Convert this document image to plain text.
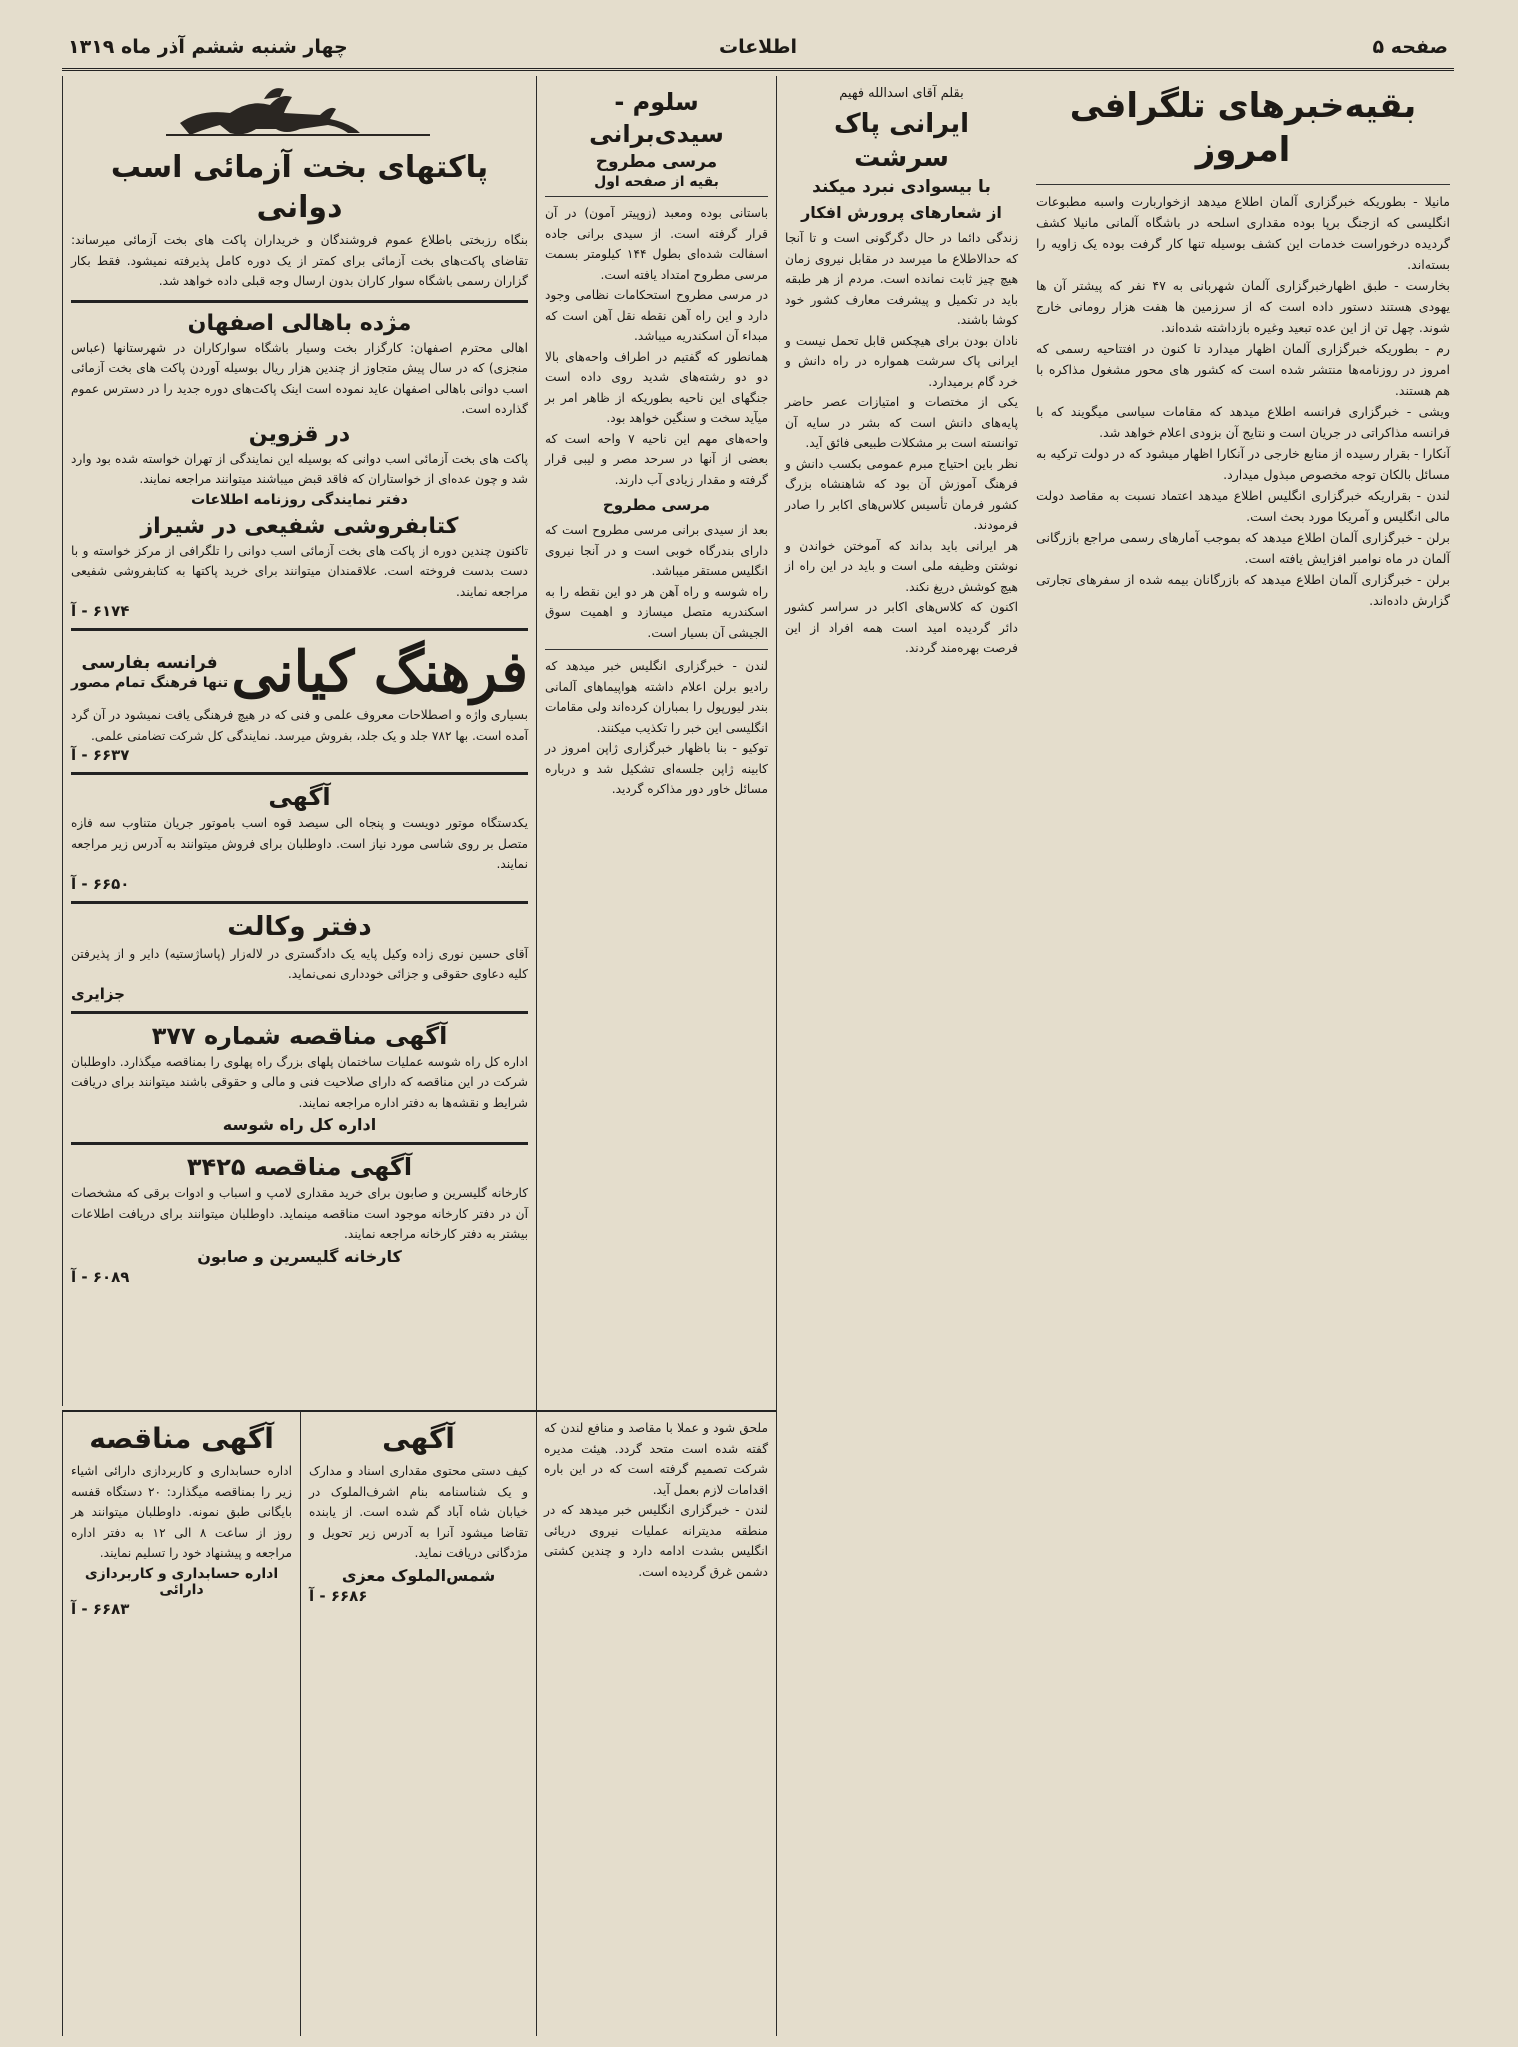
صفحه ۵
اطلاعات
چهار شنبه ششم آذر ماه ۱۳۱۹
بقیه‌خبرهای تلگرافی امروز

مانیلا - بطوریکه خبرگزاری آلمان اطلاع میدهد ازخواربارت واسبه مطبوعات انگلیسی که ازجنگ برپا بوده مقداری اسلحه در باشگاه آلمانی مانیلا کشف گردیده درخوراست خدمات این کشف بوسیله تنها کار گرفت بوده یک زاویه را بسته‌اند.

بخارست - طبق اظهارخبرگزاری آلمان شهربانی به ۴۷ نفر که پیشتر آن ها یهودی هستند دستور داده است که از سرزمین ها هفت هزار رومانی خارج شوند. چهل تن از این عده تبعید وغیره بازداشته شده‌اند.

رم - بطوریکه خبرگزاری آلمان اظهار میدارد تا کنون در افتتاحیه رسمی که امروز در روزنامه‌ها منتشر شده است که کشور های محور مشغول مذاکره با هم هستند.

ویشی - خبرگزاری فرانسه اطلاع میدهد که مقامات سیاسی میگویند که با فرانسه مذاکراتی در جریان است و نتایج آن بزودی اعلام خواهد شد.

آنکارا - بقرار رسیده از منابع خارجی در آنکارا اظهار میشود که در دولت ترکیه به مسائل بالکان توجه مخصوص مبذول میدارد.

لندن - بقراریکه خبرگزاری انگلیس اطلاع میدهد اعتماد نسبت به مقاصد دولت مالی انگلیس و آمریکا مورد بحث است.

برلن - خبرگزاری آلمان اطلاع میدهد که بموجب آمارهای رسمی مراجع بازرگانی آلمان در ماه نوامبر افزایش یافته است.

برلن - خبرگزاری آلمان اطلاع میدهد که بازرگانان بیمه شده از سفرهای تجارتی گزارش داده‌اند.

بقلم آقای اسدالله فهیم
ایرانی پاک سرشت
با بیسوادی نبرد میکند
از شعارهای پرورش افکار

زندگی دائما در حال دگرگونی است و تا آنجا که حدالاطلاع ما میرسد در مقابل نیروی زمان هیچ چیز ثابت نمانده است. مردم از هر طبقه باید در تکمیل و پیشرفت معارف کشور خود کوشا باشند.

نادان بودن برای هیچکس قابل تحمل نیست و ایرانی پاک سرشت همواره در راه دانش و خرد گام برمیدارد.

یکی از مختصات و امتیازات عصر حاضر پایه‌های دانش است که بشر در سایه آن توانسته است بر مشکلات طبیعی فائق آید.

نظر باین احتیاج مبرم عمومی بکسب دانش و فرهنگ آموزش آن بود که شاهنشاه بزرگ کشور فرمان تأسیس کلاس‌های اکابر را صادر فرمودند.

هر ایرانی باید بداند که آموختن خواندن و نوشتن وظیفه ملی است و باید در این راه از هیچ کوشش دریغ نکند.

اکنون که کلاس‌های اکابر در سراسر کشور دائر گردیده امید است همه افراد از این فرصت بهره‌مند گردند.

سلوم - سیدی‌برانی
مرسی مطروح
بقیه از صفحه اول

باستانی بوده ومعبد (زوپیتر آمون) در آن قرار گرفته است. از سیدی برانی جاده اسفالت شده‌ای بطول ۱۴۴ کیلومتر بسمت مرسی مطروح امتداد یافته است.

در مرسی مطروح استحکامات نظامی وجود دارد و این راه آهن نقطه نقل آهن است که مبداء آن اسکندریه میباشد.

همانطور که گفتیم در اطراف واحه‌های بالا دو دو رشته‌های شدید روی داده است جنگهای این ناحیه بطوریکه از ظاهر امر بر میآید سخت و سنگین خواهد بود.

واحه‌های مهم این ناحیه ۷ واحه است که بعضی از آنها در سرحد مصر و لیبی قرار گرفته و مقدار زیادی آب دارند.

مرسی مطروح

بعد از سیدی برانی مرسی مطروح است که دارای بندرگاه خوبی است و در آنجا نیروی انگلیس مستقر میباشد.

راه شوسه و راه آهن هر دو این نقطه را به اسکندریه متصل میسازد و اهمیت سوق الجیشی آن بسیار است.

لندن - خبرگزاری انگلیس خبر میدهد که رادیو برلن اعلام داشته هواپیماهای آلمانی بندر لیورپول را بمباران کرده‌اند ولی مقامات انگلیسی این خبر را تکذیب میکنند.

توکیو - بنا باظهار خبرگزاری ژاپن امروز در کابینه ژاپن جلسه‌ای تشکیل شد و درباره مسائل خاور دور مذاکره گردید.

پاکتهای بخت آزمائی اسب دوانی

بنگاه رزبختی باطلاع عموم فروشندگان و خریداران پاکت های بخت آزمائی میرساند: تقاضای پاکت‌های بخت آزمائی برای کمتر از یک دوره کامل پذیرفته نمیشود. فقط بکار گزاران رسمی باشگاه سوار کاران بدون ارسال وجه قبلی داده خواهد شد.

مژده باهالی اصفهان

اهالی محترم اصفهان: کارگزار بخت وسیار باشگاه سوارکاران در شهرستانها (عباس منجزی) که در سال پیش متجاوز از چندین هزار ریال بوسیله آوردن پاکت های بخت آزمائی اسب دوانی باهالی اصفهان عاید نموده است اینک پاکت‌های دوره جدید را در دسترس عموم گذارده است.

در قزوین

پاکت های بخت آزمائی اسب دوانی که بوسیله این نمایندگی از تهران خواسته شده بود وارد شد و چون عده‌ای از خواستاران که فاقد قبض میباشند میتوانند مراجعه نمایند.

دفتر نمایندگی روزنامه اطلاعات
کتابفروشی شفیعی در شیراز

تاکنون چندین دوره از پاکت های بخت آزمائی اسب دوانی را تلگرافی از مرکز خواسته و با دست بدست فروخته است. علاقمندان میتوانند برای خرید پاکتها به کتابفروشی شفیعی مراجعه نمایند.

۶۱۷۴ - آ
فرهنگ کیانی
فرانسه بفارسی
تنها فرهنگ تمام مصور

بسیاری واژه و اصطلاحات معروف علمی و فنی که در هیچ فرهنگی یافت نمیشود در آن گرد آمده است. بها ۷۸۲ جلد و یک جلد، بفروش میرسد. نمایندگی کل شرکت تضامنی علمی.

۶۶۳۷ - آ
آگهی

یکدستگاه موتور دویست و پنجاه الی سیصد قوه اسب باموتور جریان متناوب سه فازه متصل بر روی شاسی مورد نیاز است. داوطلبان برای فروش میتوانند به آدرس زیر مراجعه نمایند.

۶۶۵۰ - آ
دفتر وکالت

آقای حسین نوری زاده وکیل پایه یک دادگستری در لاله‌زار (پاساژستیه) دایر و از پذیرفتن کلیه دعاوی حقوقی و جزائی خودداری نمی‌نماید.

جزایری
آگهی مناقصه شماره ۳۷۷

اداره کل راه شوسه عملیات ساختمان پلهای بزرگ راه پهلوی را بمناقصه میگذارد. داوطلبان شرکت در این مناقصه که دارای صلاحیت فنی و مالی و حقوقی باشند میتوانند برای دریافت شرایط و نقشه‌ها به دفتر اداره مراجعه نمایند.

اداره کل راه شوسه
آگهی مناقصه ۳۴۲۵

کارخانه گلیسرین و صابون برای خرید مقداری لامپ و اسباب و ادوات برقی که مشخصات آن در دفتر کارخانه موجود است مناقصه مینماید. داوطلبان میتوانند برای دریافت اطلاعات بیشتر به دفتر کارخانه مراجعه نمایند.

کارخانه گلیسرین و صابون
۶۰۸۹ - آ

ملحق شود و عملا با مقاصد و منافع لندن که گفته شده است متحد گردد. هیئت مدیره شرکت تصمیم گرفته است که در این باره اقدامات لازم بعمل آید.

لندن - خبرگزاری انگلیس خبر میدهد که در منطقه مدیترانه عملیات نیروی دریائی انگلیس بشدت ادامه دارد و چندین کشتی دشمن غرق گردیده است.

آگهی

کیف دستی محتوی مقداری اسناد و مدارک و یک شناسنامه بنام اشرف‌الملوک در خیابان شاه آباد گم شده است. از یابنده تقاضا میشود آنرا به آدرس زیر تحویل و مژدگانی دریافت نماید.

شمس‌الملوک معزی
۶۶۸۶ - آ
آگهی مناقصه

اداره حسابداری و کاربردازی دارائی اشیاء زیر را بمناقصه میگذارد: ۲۰ دستگاه قفسه بایگانی طبق نمونه. داوطلبان میتوانند هر روز از ساعت ۸ الی ۱۲ به دفتر اداره مراجعه و پیشنهاد خود را تسلیم نمایند.

اداره حسابداری و کاربردازی دارائی
۶۶۸۳ - آ
